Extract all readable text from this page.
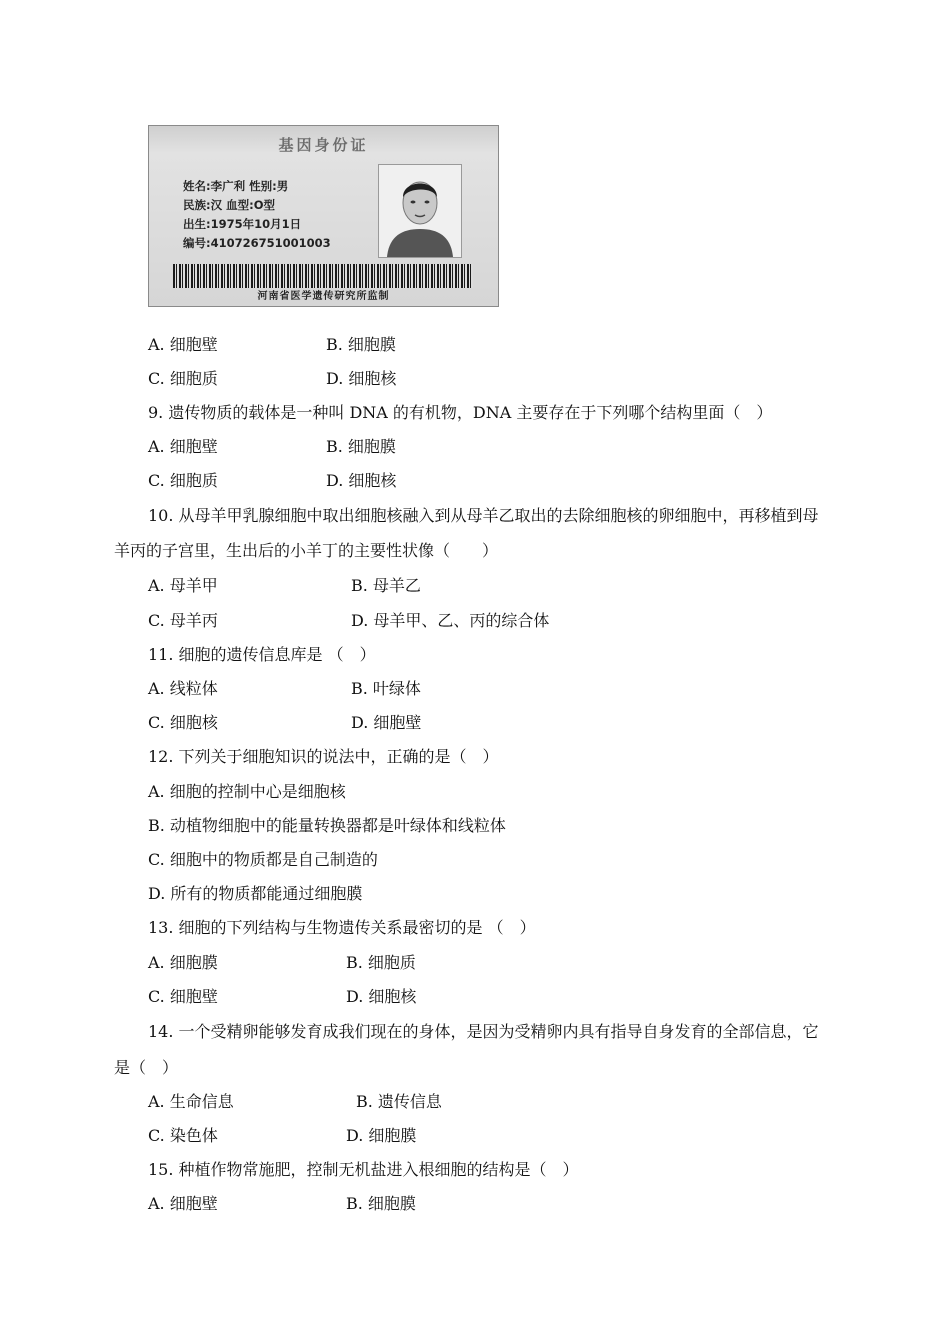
基因身份证
姓名:李广利 性别:男
民族:汉 血型:O型
出生:1975年10月1日
编号:410726751001003
河南省医学遗传研究所监制
A. 细胞壁	B. 细胞膜
C. 细胞质	D. 细胞核
9. 遗传物质的载体是一种叫 DNA 的有机物，DNA 主要存在于下列哪个结构里面（　）
A. 细胞壁	B. 细胞膜
C. 细胞质	D. 细胞核
10. 从母羊甲乳腺细胞中取出细胞核融入到从母羊乙取出的去除细胞核的卵细胞中，再移植到母
羊丙的子宫里，生出后的小羊丁的主要性状像（　　）
A. 母羊甲	B. 母羊乙
C. 母羊丙	D. 母羊甲、乙、丙的综合体
11. 细胞的遗传信息库是 （　）
A. 线粒体	B. 叶绿体
C. 细胞核	D. 细胞壁
12. 下列关于细胞知识的说法中，正确的是（　）
A. 细胞的控制中心是细胞核
B. 动植物细胞中的能量转换器都是叶绿体和线粒体
C. 细胞中的物质都是自己制造的
D. 所有的物质都能通过细胞膜
13. 细胞的下列结构与生物遗传关系最密切的是 （　）
A. 细胞膜	B. 细胞质
C. 细胞壁	D. 细胞核
14. 一个受精卵能够发育成我们现在的身体，是因为受精卵内具有指导自身发育的全部信息，它
是（　）
A. 生命信息	B. 遗传信息
C. 染色体	D. 细胞膜
15. 种植作物常施肥，控制无机盐进入根细胞的结构是（　）
A. 细胞壁	B. 细胞膜
